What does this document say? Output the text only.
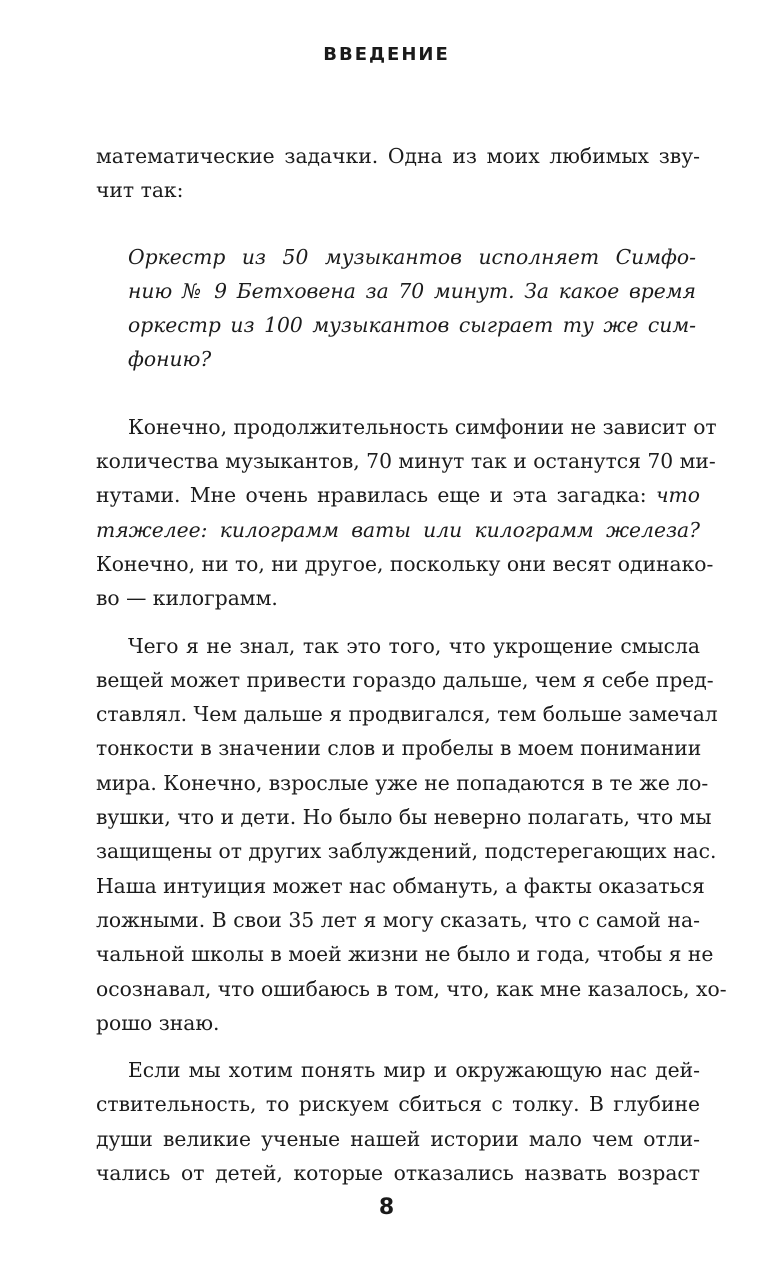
ВВЕДЕНИЕ
математические задачки. Одна из моих любимых зву-
чит так:
Оркестр из 50 музыкантов исполняет Симфо-
нию № 9 Бетховена за 70 минут. За какое время
оркестр из 100 музыкантов сыграет ту же сим-
фонию?
Конечно, продолжительность симфонии не зависит от
количества музыкантов, 70 минут так и останутся 70 ми-
нутами. Мне очень нравилась еще и эта загадка: что
тяжелее: килограмм ваты или килограмм железа?
Конечно, ни то, ни другое, поскольку они весят одинако-
во — килограмм.
Чего я не знал, так это того, что укрощение смысла
вещей может привести гораздо дальше, чем я себе пред-
ставлял. Чем дальше я продвигался, тем больше замечал
тонкости в значении слов и пробелы в моем понимании
мира. Конечно, взрослые уже не попадаются в те же ло-
вушки, что и дети. Но было бы неверно полагать, что мы
защищены от других заблуждений, подстерегающих нас.
Наша интуиция может нас обмануть, а факты оказаться
ложными. В свои 35 лет я могу сказать, что с самой на-
чальной школы в моей жизни не было и года, чтобы я не
осознавал, что ошибаюсь в том, что, как мне казалось, хо-
рошо знаю.
Если мы хотим понять мир и окружающую нас дей-
ствительность, то рискуем сбиться с толку. В глубине
души великие ученые нашей истории мало чем отли-
чались от детей, которые отказались назвать возраст
8
